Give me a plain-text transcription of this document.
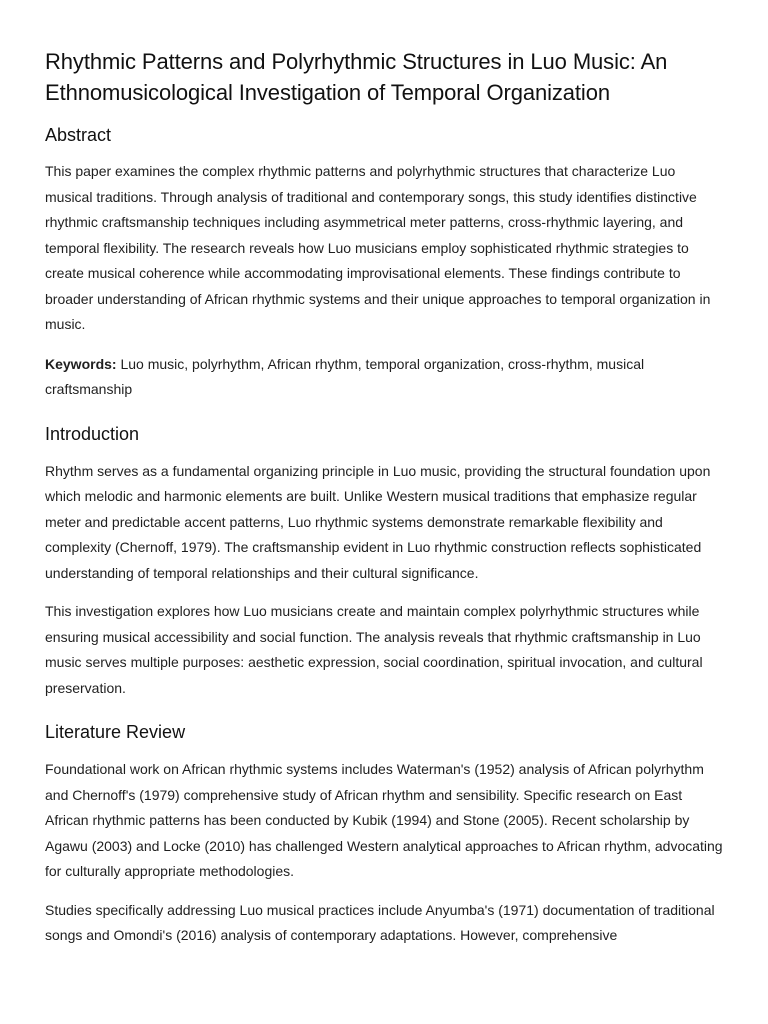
Rhythmic Patterns and Polyrhythmic Structures in Luo Music: An Ethnomusicological Investigation of Temporal Organization
Abstract

This paper examines the complex rhythmic patterns and polyrhythmic structures that characterize Luo musical traditions. Through analysis of traditional and contemporary songs, this study identifies distinctive rhythmic craftsmanship techniques including asymmetrical meter patterns, cross-rhythmic layering, and temporal flexibility. The research reveals how Luo musicians employ sophisticated rhythmic strategies to create musical coherence while accommodating improvisational elements. These findings contribute to broader understanding of African rhythmic systems and their unique approaches to temporal organization in music.

Keywords: Luo music, polyrhythm, African rhythm, temporal organization, cross-rhythm, musical craftsmanship

Introduction

Rhythm serves as a fundamental organizing principle in Luo music, providing the structural foundation upon which melodic and harmonic elements are built. Unlike Western musical traditions that emphasize regular meter and predictable accent patterns, Luo rhythmic systems demonstrate remarkable flexibility and complexity (Chernoff, 1979). The craftsmanship evident in Luo rhythmic construction reflects sophisticated understanding of temporal relationships and their cultural significance.

This investigation explores how Luo musicians create and maintain complex polyrhythmic structures while ensuring musical accessibility and social function. The analysis reveals that rhythmic craftsmanship in Luo music serves multiple purposes: aesthetic expression, social coordination, spiritual invocation, and cultural preservation.

Literature Review

Foundational work on African rhythmic systems includes Waterman's (1952) analysis of African polyrhythm and Chernoff's (1979) comprehensive study of African rhythm and sensibility. Specific research on East African rhythmic patterns has been conducted by Kubik (1994) and Stone (2005). Recent scholarship by Agawu (2003) and Locke (2010) has challenged Western analytical approaches to African rhythm, advocating for culturally appropriate methodologies.

Studies specifically addressing Luo musical practices include Anyumba's (1971) documentation of traditional songs and Omondi's (2016) analysis of contemporary adaptations. However, comprehensive
